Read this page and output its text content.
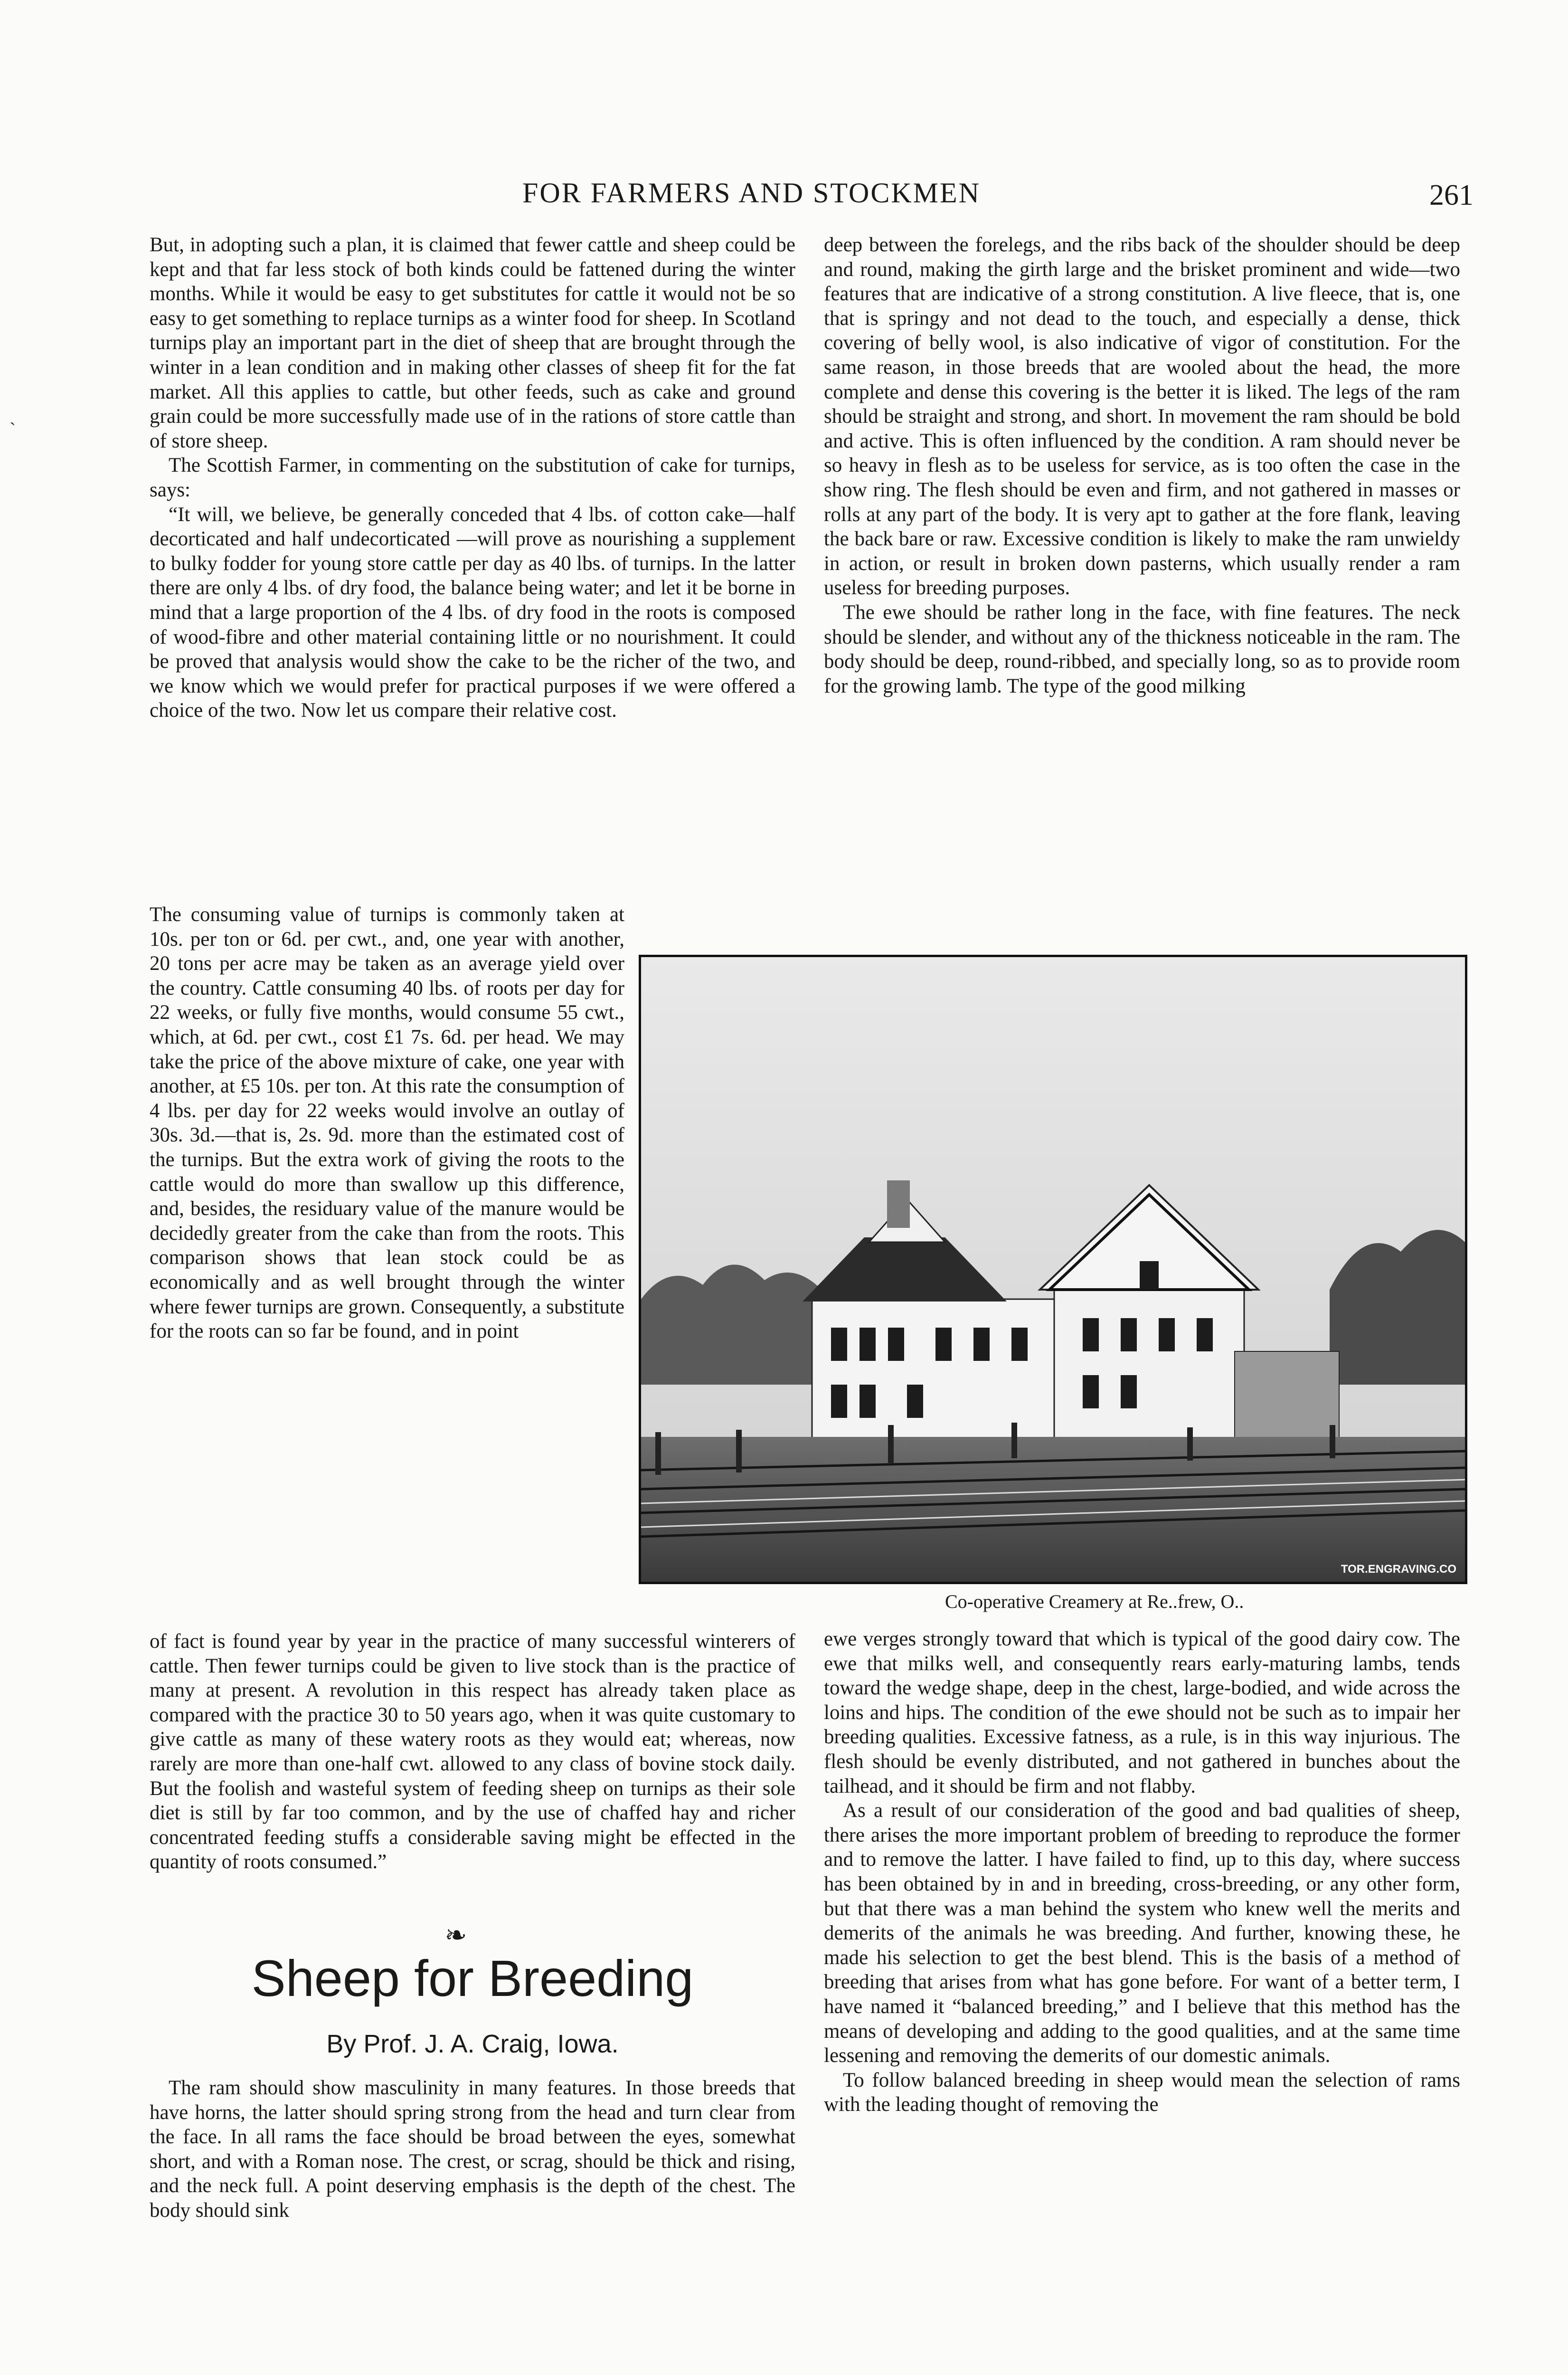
FOR FARMERS AND STOCKMEN	261
ˏ

But, in adopting such a plan, it is claimed that fewer cattle and sheep could be kept and that far less stock of both kinds could be fattened during the winter months. While it would be easy to get substitutes for cattle it would not be so easy to get something to replace turnips as a winter food for sheep. In Scotland turnips play an important part in the diet of sheep that are brought through the winter in a lean condition and in making other classes of sheep fit for the fat market. All this applies to cattle, but other feeds, such as cake and ground grain could be more successfully made use of in the rations of store cattle than of store sheep.

The Scottish Farmer, in commenting on the substitution of cake for turnips, says:

“It will, we believe, be generally conceded that 4 lbs. of cotton cake—half decorticated and half undecorticated —will prove as nourishing a supplement to bulky fodder for young store cattle per day as 40 lbs. of turnips. In the latter there are only 4 lbs. of dry food, the balance being water; and let it be borne in mind that a large proportion of the 4 lbs. of dry food in the roots is composed of wood-fibre and other material containing little or no nourishment. It could be proved that analysis would show the cake to be the richer of the two, and we know which we would prefer for practical purposes if we were offered a choice of the two. Now let us compare their relative cost.

The consuming value of turnips is commonly taken at 10s. per ton or 6d. per cwt., and, one year with another, 20 tons per acre may be taken as an average yield over the country. Cattle consuming 40 lbs. of roots per day for 22 weeks, or fully five months, would consume 55 cwt., which, at 6d. per cwt., cost £1 7s. 6d. per head. We may take the price of the above mixture of cake, one year with another, at £5 10s. per ton. At this rate the consumption of 4 lbs. per day for 22 weeks would involve an outlay of 30s. 3d.—that is, 2s. 9d. more than the estimated cost of the turnips. But the extra work of giving the roots to the cattle would do more than swallow up this difference, and, besides, the residuary value of the manure would be decidedly greater from the cake than from the roots. This comparison shows that lean stock could be as economically and as well brought through the winter where fewer turnips are grown. Consequently, a substitute for the roots can so far be found, and in point

of fact is found year by year in the practice of many successful winterers of cattle. Then fewer turnips could be given to live stock than is the practice of many at present. A revolution in this respect has already taken place as compared with the practice 30 to 50 years ago, when it was quite customary to give cattle as many of these watery roots as they would eat; whereas, now rarely are more than one-half cwt. allowed to any class of bovine stock daily. But the foolish and wasteful system of feeding sheep on turnips as their sole diet is still by far too common, and by the use of chaffed hay and richer concentrated feeding stuffs a considerable saving might be effected in the quantity of roots consumed.”

❧
Sheep for Breeding
By Prof. J. A. Craig, Iowa.

The ram should show masculinity in many features. In those breeds that have horns, the latter should spring strong from the head and turn clear from the face. In all rams the face should be broad between the eyes, somewhat short, and with a Roman nose. The crest, or scrag, should be thick and rising, and the neck full. A point deserving emphasis is the depth of the chest. The body should sink

deep between the forelegs, and the ribs back of the shoulder should be deep and round, making the girth large and the brisket prominent and wide—two features that are indicative of a strong constitution. A live fleece, that is, one that is springy and not dead to the touch, and especially a dense, thick covering of belly wool, is also indicative of vigor of constitution. For the same reason, in those breeds that are wooled about the head, the more complete and dense this covering is the better it is liked. The legs of the ram should be straight and strong, and short. In movement the ram should be bold and active. This is often influenced by the condition. A ram should never be so heavy in flesh as to be useless for service, as is too often the case in the show ring. The flesh should be even and firm, and not gathered in masses or rolls at any part of the body. It is very apt to gather at the fore flank, leaving the back bare or raw. Excessive condition is likely to make the ram unwieldy in action, or result in broken down pasterns, which usually render a ram useless for breeding purposes.

The ewe should be rather long in the face, with fine features. The neck should be slender, and without any of the thickness noticeable in the ram. The body should be deep, round-ribbed, and specially long, so as to provide room for the growing lamb. The type of the good milking

TOR.ENGRAVING.CO
Co-operative Creamery at Re..frew, O..

ewe verges strongly toward that which is typical of the good dairy cow. The ewe that milks well, and consequently rears early-maturing lambs, tends toward the wedge shape, deep in the chest, large-bodied, and wide across the loins and hips. The condition of the ewe should not be such as to impair her breeding qualities. Excessive fatness, as a rule, is in this way injurious. The flesh should be evenly distributed, and not gathered in bunches about the tailhead, and it should be firm and not flabby.

As a result of our consideration of the good and bad qualities of sheep, there arises the more important problem of breeding to reproduce the former and to remove the latter. I have failed to find, up to this day, where success has been obtained by in and in breeding, cross-breeding, or any other form, but that there was a man behind the system who knew well the merits and demerits of the animals he was breeding. And further, knowing these, he made his selection to get the best blend. This is the basis of a method of breeding that arises from what has gone before. For want of a better term, I have named it “balanced breeding,” and I believe that this method has the means of developing and adding to the good qualities, and at the same time lessening and removing the demerits of our domestic animals.

To follow balanced breeding in sheep would mean the selection of rams with the leading thought of removing the
